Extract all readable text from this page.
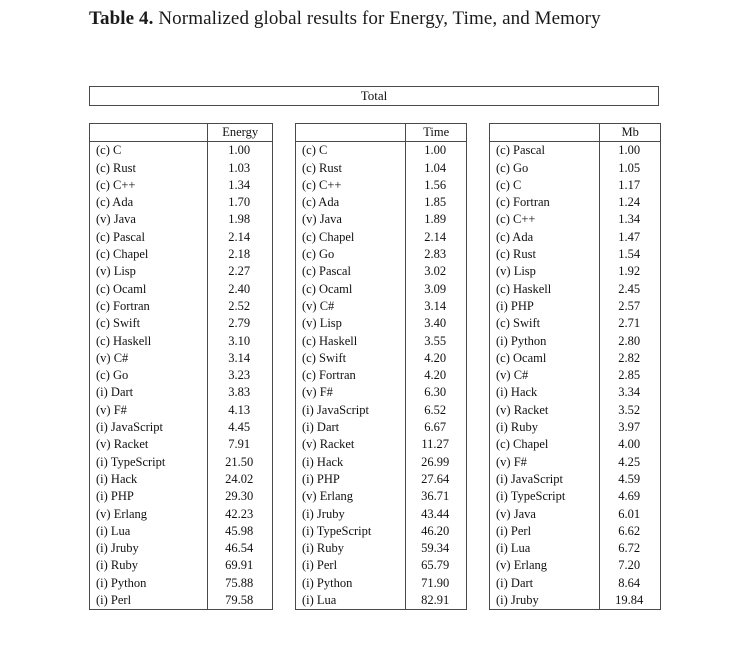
Table 4. Normalized global results for Energy, Time, and Memory
Total
	Energy
(c) C	1.00
(c) Rust	1.03
(c) C++	1.34
(c) Ada	1.70
(v) Java	1.98
(c) Pascal	2.14
(c) Chapel	2.18
(v) Lisp	2.27
(c) Ocaml	2.40
(c) Fortran	2.52
(c) Swift	2.79
(c) Haskell	3.10
(v) C#	3.14
(c) Go	3.23
(i) Dart	3.83
(v) F#	4.13
(i) JavaScript	4.45
(v) Racket	7.91
(i) TypeScript	21.50
(i) Hack	24.02
(i) PHP	29.30
(v) Erlang	42.23
(i) Lua	45.98
(i) Jruby	46.54
(i) Ruby	69.91
(i) Python	75.88
(i) Perl	79.58
	Time
(c) C	1.00
(c) Rust	1.04
(c) C++	1.56
(c) Ada	1.85
(v) Java	1.89
(c) Chapel	2.14
(c) Go	2.83
(c) Pascal	3.02
(c) Ocaml	3.09
(v) C#	3.14
(v) Lisp	3.40
(c) Haskell	3.55
(c) Swift	4.20
(c) Fortran	4.20
(v) F#	6.30
(i) JavaScript	6.52
(i) Dart	6.67
(v) Racket	11.27
(i) Hack	26.99
(i) PHP	27.64
(v) Erlang	36.71
(i) Jruby	43.44
(i) TypeScript	46.20
(i) Ruby	59.34
(i) Perl	65.79
(i) Python	71.90
(i) Lua	82.91
	Mb
(c) Pascal	1.00
(c) Go	1.05
(c) C	1.17
(c) Fortran	1.24
(c) C++	1.34
(c) Ada	1.47
(c) Rust	1.54
(v) Lisp	1.92
(c) Haskell	2.45
(i) PHP	2.57
(c) Swift	2.71
(i) Python	2.80
(c) Ocaml	2.82
(v) C#	2.85
(i) Hack	3.34
(v) Racket	3.52
(i) Ruby	3.97
(c) Chapel	4.00
(v) F#	4.25
(i) JavaScript	4.59
(i) TypeScript	4.69
(v) Java	6.01
(i) Perl	6.62
(i) Lua	6.72
(v) Erlang	7.20
(i) Dart	8.64
(i) Jruby	19.84
